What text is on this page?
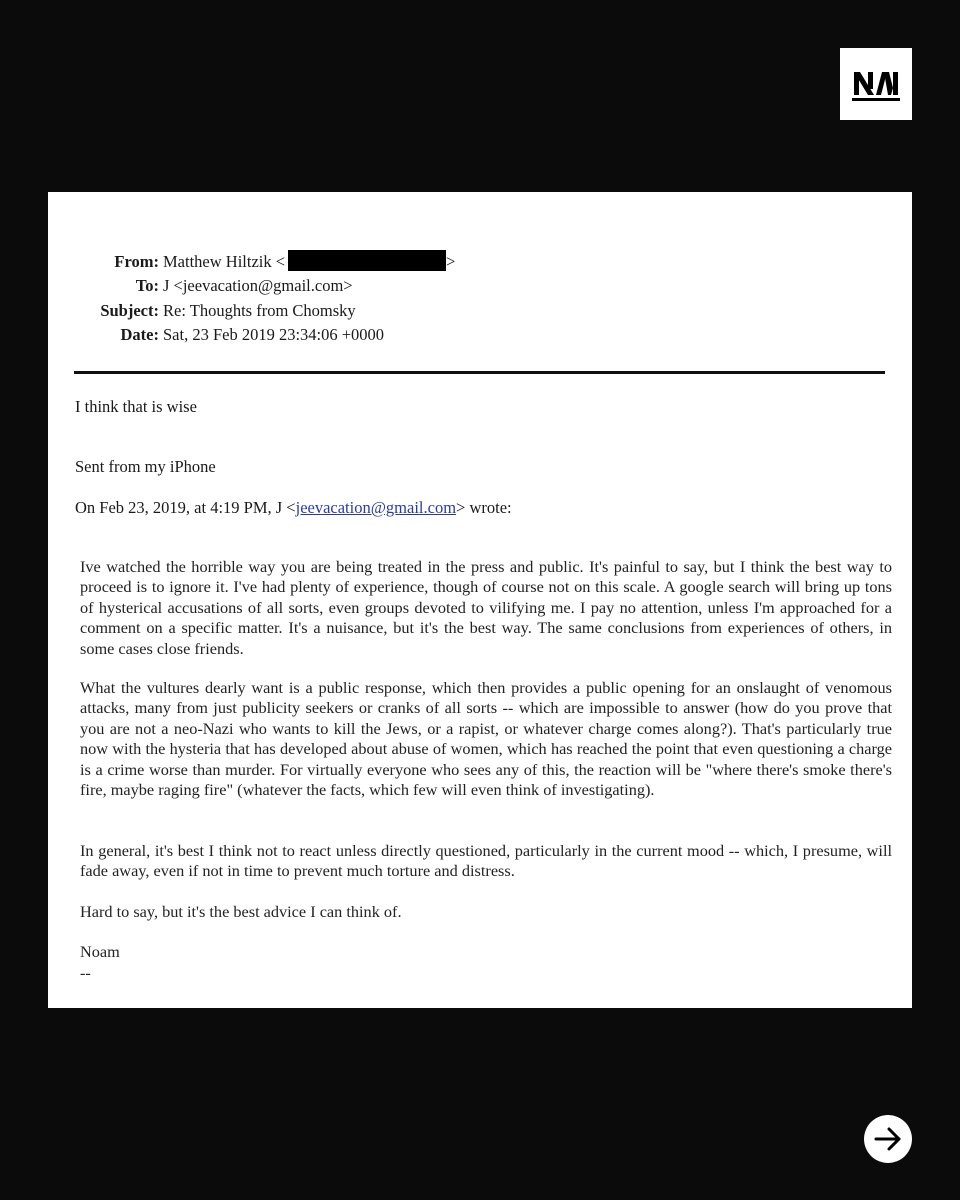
From: Matthew Hiltzik <	>
To: J <jeevacation@gmail.com>
Subject: Re: Thoughts from Chomsky
Date: Sat, 23 Feb 2019 23:34:06 +0000
I think that is wise
Sent from my iPhone
On Feb 23, 2019, at 4:19 PM, J <jeevacation@gmail.com> wrote:

Ive watched the horrible way you are being treated in the press and public. It's painful to say, but I think the best way to proceed is to ignore it. I've had plenty of experience, though of course not on this scale. A google search will bring up tons of hysterical accusations of all sorts, even groups devoted to vilifying me. I pay no attention, unless I'm approached for a comment on a specific matter. It's a nuisance, but it's the best way. The same conclusions from experiences of others, in some cases close friends.

What the vultures dearly want is a public response, which then provides a public opening for an onslaught of venomous attacks, many from just publicity seekers or cranks of all sorts -- which are impossible to answer (how do you prove that you are not a neo-Nazi who wants to kill the Jews, or a rapist, or whatever charge comes along?). That's particularly true now with the hysteria that has developed about abuse of women, which has reached the point that even questioning a charge is a crime worse than murder. For virtually everyone who sees any of this, the reaction will be "where there's smoke there's fire, maybe raging fire" (whatever the facts, which few will even think of investigating).

In general, it's best I think not to react unless directly questioned, particularly in the current mood -- which, I presume, will fade away, even if not in time to prevent much torture and distress.

Hard to say, but it's the best advice I can think of.

Noam

--
